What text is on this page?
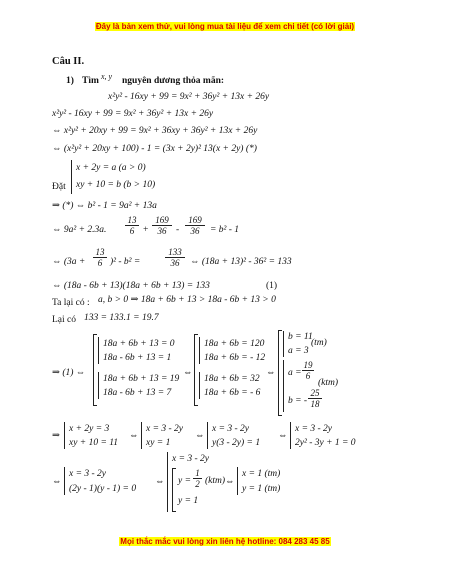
Đây là bản xem thử, vui lòng mua tài liệu để xem chi tiết (có lời giải)
Mọi thắc mắc vui lòng xin liên hệ hotline: 084 283 45 85
Câu II.
1) Tìm x, y nguyên dương thỏa mãn:
x²y² - 16xy + 99 = 9x² + 36y² + 13x + 26y
x²y² - 16xy + 99 = 9x² + 36y² + 13x + 26y
⇔ x²y² + 20xy + 99 = 9x² + 36xy + 36y² + 13x + 26y
⇔ (x²y² + 20xy + 100) - 1 = (3x + 2y)² 13(x + 2y) (*)
Đặt
x + 2y = a (a > 0)
xy + 10 = b (b > 10)
⇒ (*) ⇔ b² - 1 = 9a² + 13a
⇔ 9a² + 2.3a.
13
6 +
169
36	-
169
36	= b² - 1
⇔ (3a +
13
6 )² - b² =
133
36	⇔ (18a + 13)² - 36² = 133
⇔ (18a - 6b + 13)(18a + 6b + 13) = 133	(1)
Ta lại có : a, b > 0 ⇒ 18a + 6b + 13 > 18a - 6b + 13 > 0
Lại có 133 = 133.1 = 19.7
⇒ (1) ⇔
18a + 6b + 13 = 0
18a - 6b + 13 = 1
18a + 6b + 13 = 19
18a - 6b + 13 = 7
⇔
18a + 6b = 120
18a + 6b = - 12
18a + 6b = 32
18a + 6b = - 6
⇔
b = 11
a = 3
(tm)
a =
19
6
(ktm)
b = -
25
18
⇒
x + 2y = 3
xy + 10 = 11
⇔
x = 3 - 2y
xy = 1
⇔
x = 3 - 2y
y(3 - 2y) = 1
⇔
x = 3 - 2y
2y² - 3y + 1 = 0
⇔
x = 3 - 2y
(2y - 1)(y - 1) = 0
⇔
x = 3 - 2y
y =
1
2 (ktm)
y = 1
⇔
x = 1 (tm)
y = 1 (tm)
